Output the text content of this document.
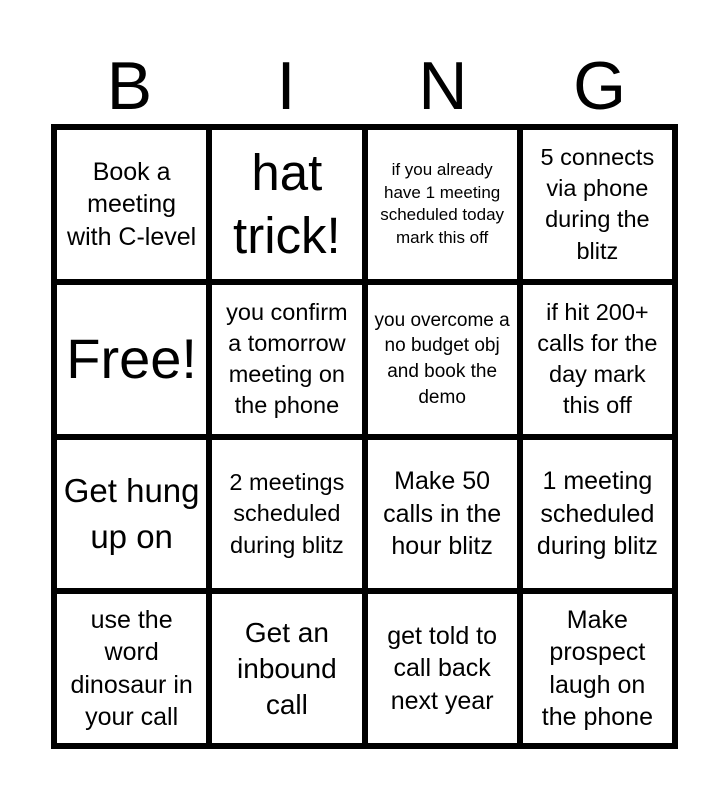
B	I	N	G
Book a meeting with C-level
hat trick!
if you already have 1 meeting scheduled today mark this off
5 connects via phone during the blitz
Free!
you confirm a tomorrow meeting on the phone
you overcome a no budget obj and book the demo
if hit 200+ calls for the day mark this off
Get hung up on
2 meetings scheduled during blitz
Make 50 calls in the hour blitz
1 meeting scheduled during blitz
use the word dinosaur in your call
Get an inbound call
get told to call back next year
Make prospect laugh on the phone
